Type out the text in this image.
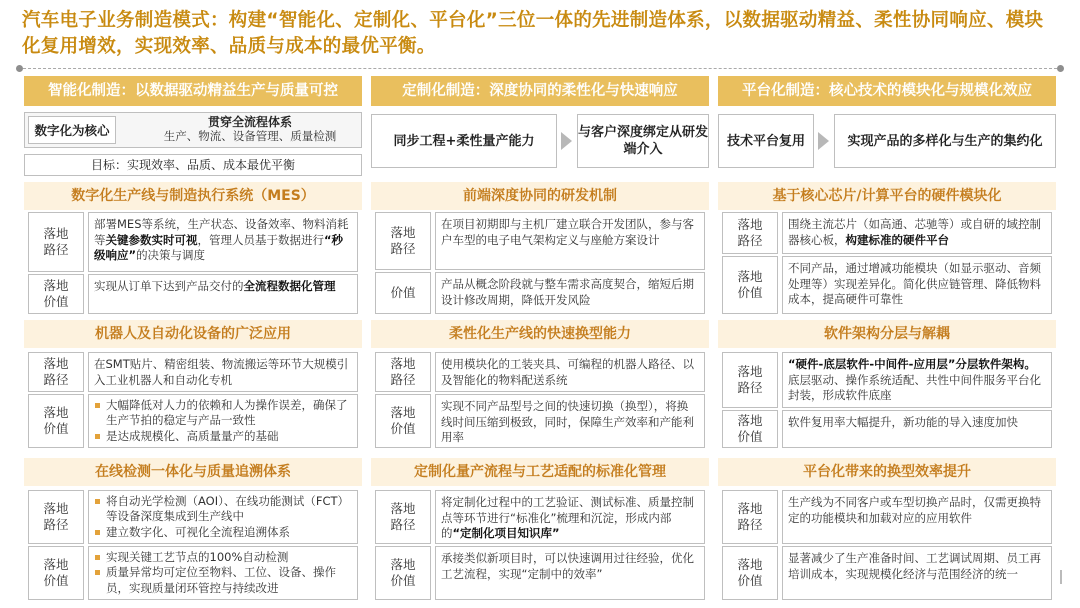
汽车电子业务制造模式：构建“智能化、定制化、平台化”三位一体的先进制造体系，以数据驱动精益、柔性协同响应、模块化复用增效，实现效率、品质与成本的最优平衡。
智能化制造：以数据驱动精益生产与质量可控
数字化为核心
贯穿全流程体系
生产、物流、设备管理、质量检测
目标：实现效率、品质、成本最优平衡
数字化生产线与制造执行系统（MES）
落地路径
部署MES等系统，生产状态、设备效率、物料消耗等关键参数实时可视，管理人员基于数据进行“秒级响应”的决策与调度
落地价值
实现从订单下达到产品交付的全流程数据化管理
机器人及自动化设备的广泛应用
落地路径
在SMT贴片、精密组装、物流搬运等环节大规模引入工业机器人和自动化专机
落地价值
大幅降低对人力的依赖和人为操作误差，确保了生产节拍的稳定与产品一致性
是达成规模化、高质量量产的基础
在线检测一体化与质量追溯体系
落地路径
将自动光学检测（AOI）、在线功能测试（FCT）等设备深度集成到生产线中
建立数字化、可视化全流程追溯体系
落地价值
实现关键工艺节点的100%自动检测
质量异常均可定位至物料、工位、设备、操作员，实现质量闭环管控与持续改进
定制化制造：深度协同的柔性化与快速响应
同步工程+柔性量产能力
与客户深度绑定从研发端介入
前端深度协同的研发机制
落地路径
在项目初期即与主机厂建立联合开发团队，参与客户车型的电子电气架构定义与座舱方案设计
价值
产品从概念阶段就与整车需求高度契合，缩短后期设计修改周期，降低开发风险
柔性化生产线的快速换型能力
落地路径
使用模块化的工装夹具、可编程的机器人路径、以及智能化的物料配送系统
落地价值
实现不同产品型号之间的快速切换（换型），将换线时间压缩到极致，同时，保障生产效率和产能利用率
定制化量产流程与工艺适配的标准化管理
落地路径
将定制化过程中的工艺验证、测试标准、质量控制点等环节进行“标准化”梳理和沉淀，形成内部的“定制化项目知识库”
落地价值
承接类似新项目时，可以快速调用过往经验，优化工艺流程，实现“定制中的效率”
平台化制造：核心技术的模块化与规模化效应
技术平台复用	实现产品的多样化与生产的集约化
基于核心芯片/计算平台的硬件模块化
落地路径
围绕主流芯片（如高通、芯驰等）或自研的域控制器核心板，构建标准的硬件平台
落地价值
不同产品，通过增减功能模块（如显示驱动、音频处理等）实现差异化。简化供应链管理、降低物料成本，提高硬件可靠性
软件架构分层与解耦
落地路径
“硬件-底层软件-中间件-应用层”分层软件架构。底层驱动、操作系统适配、共性中间件服务平台化封装，形成软件底座
落地价值
软件复用率大幅提升，新功能的导入速度加快
平台化带来的换型效率提升
落地路径
生产线为不同客户或车型切换产品时，仅需更换特定的功能模块和加载对应的应用软件
落地价值
显著减少了生产准备时间、工艺调试周期、员工再培训成本，实现规模化经济与范围经济的统一
